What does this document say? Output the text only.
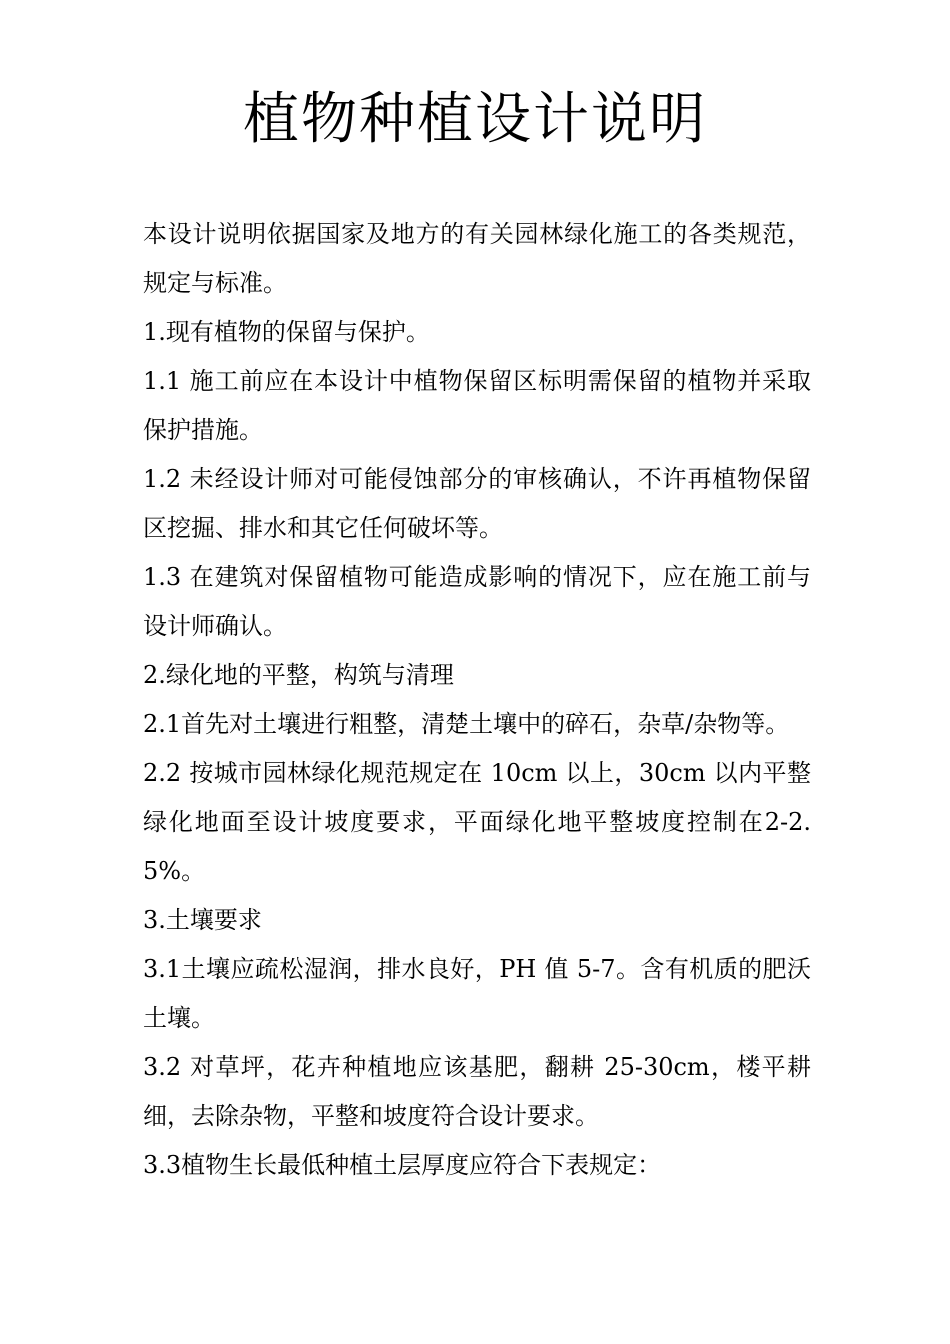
植物种植设计说明

本设计说明依据国家及地方的有关园林绿化施工的各类规范，规定与标准。

1.现有植物的保留与保护。

1.1 施工前应在本设计中植物保留区标明需保留的植物并采取保护措施。

1.2 未经设计师对可能侵蚀部分的审核确认，不许再植物保留区挖掘、排水和其它任何破坏等。

1.3 在建筑对保留植物可能造成影响的情况下，应在施工前与设计师确认。

2.绿化地的平整，构筑与清理

2.1首先对土壤进行粗整，清楚土壤中的碎石，杂草/杂物等。

2.2 按城市园林绿化规范规定在 10cm 以上，30cm 以内平整绿化地面至设计坡度要求，平面绿化地平整坡度控制在2-2.5%。

3.土壤要求

3.1土壤应疏松湿润，排水良好，PH 值 5-7。含有机质的肥沃土壤。

3.2 对草坪，花卉种植地应该基肥，翻耕 25-30cm，楼平耕细，去除杂物，平整和坡度符合设计要求。

3.3植物生长最低种植土层厚度应符合下表规定：
